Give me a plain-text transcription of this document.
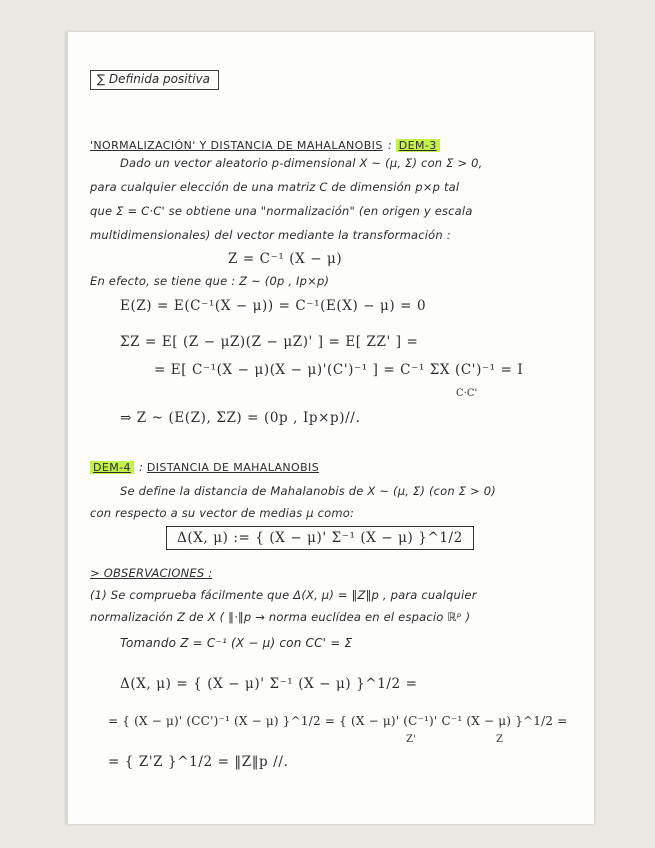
∑ Definida positiva
'NORMALIZACIÓN' Y DISTANCIA DE MAHALANOBIS : DEM-3
Dado un vector aleatorio p-dimensional X ~ (μ, Σ) con Σ > 0,
para cualquier elección de una matriz C de dimensión p×p tal
que Σ = C·C' se obtiene una "normalización" (en origen y escala
multidimensionales) del vector mediante la transformación :
Z = C⁻¹ (X − μ)
En efecto, se tiene que : Z ~ (0p , Ip×p)
E(Z) = E(C⁻¹(X − μ)) = C⁻¹(E(X) − μ) = 0
ΣZ = E[ (Z − μZ)(Z − μZ)' ] = E[ ZZ' ] =
= E[ C⁻¹(X − μ)(X − μ)'(C')⁻¹ ] = C⁻¹ ΣX (C')⁻¹ = I
C·C'
⇒ Z ~ (E(Z), ΣZ) = (0p , Ip×p)//.
DEM-4 : DISTANCIA DE MAHALANOBIS
Se define la distancia de Mahalanobis de X ~ (μ, Σ) (con Σ > 0)
con respecto a su vector de medias μ como:
Δ(X, μ) := { (X − μ)' Σ⁻¹ (X − μ) }^1/2
> OBSERVACIONES :
(1) Se comprueba fácilmente que Δ(X, μ) = ‖Z‖p , para cualquier
normalización Z de X ( ‖·‖p → norma euclídea en el espacio ℝᵖ )
Tomando Z = C⁻¹ (X − μ) con CC' = Σ
Δ(X, μ) = { (X − μ)' Σ⁻¹ (X − μ) }^1/2 =
= { (X − μ)' (CC')⁻¹ (X − μ) }^1/2 = { (X − μ)' (C⁻¹)' C⁻¹ (X − μ) }^1/2 =
Z'	Z
= { Z'Z }^1/2 = ‖Z‖p //.
